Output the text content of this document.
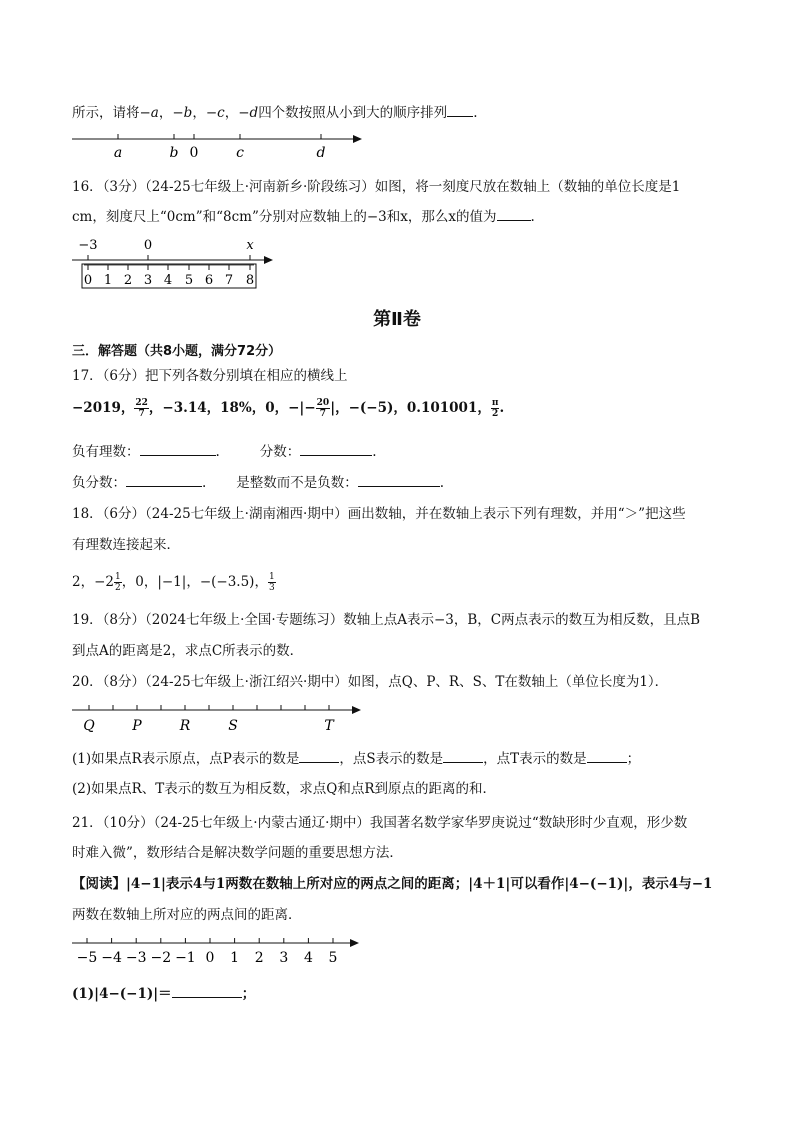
所示，请将−a，−b，−c，−d四个数按照从小到大的顺序排列 .
a	b 0	c	d
16．（3分）（24-25七年级上·河南新乡·阶段练习）如图，将一刻度尺放在数轴上（数轴的单位长度是1
cm，刻度尺上“0cm”和“8cm”分别对应数轴上的−3和x，那么x的值为	.
−3	0	x
0 1 2 3 4 5 6 7 8
第Ⅱ卷
三．解答题（共8小题，满分72分）
17．（6分）把下列各数分别填在相应的横线上
−2019， $\frac{22}{7}$ ，−3.14，18%，0，−|− $\frac{20}{7}$ |，−(−5)，0.101001， $\frac{\pi}{2}$ .
负有理数：	.	分数：	.
负分数：	. 是整数而不是负数：	.
18．（6分）（24-25七年级上·湖南湘西·期中）画出数轴，并在数轴上表示下列有理数，并用“＞”把这些
有理数连接起来．
2，$-2 \frac{1}{2}$ ，0，|−1|，−(−3.5)， $\frac{1}{3}$
19．（8分）（2024七年级上·全国·专题练习）数轴上点A表示−3，B，C两点表示的数互为相反数，且点B
到点A的距离是2，求点C所表示的数．
20．（8分）（24-25七年级上·浙江绍兴·期中）如图，点Q、P、R、S、T在数轴上（单位长度为1）．
Q	P	R	S	T
(1)如果点R表示原点，点P表示的数是	，点S表示的数是	，点T表示的数是	；
(2)如果点R、T表示的数互为相反数，求点Q和点R到原点的距离的和．
21．（10分）（24-25七年级上·内蒙古通辽·期中）我国著名数学家华罗庚说过“数缺形时少直观，形少数
时难入微”，数形结合是解决数学问题的重要思想方法．
【阅读】|4−1|表示4与1两数在数轴上所对应的两点之间的距离；|4＋1|可以看作|4−(−1)|，表示4与−1
两数在数轴上所对应的两点间的距离．
−5 −4 −3 −2 −1 0 1 2 3 4 5
(1)|4−(−1)|＝	；
